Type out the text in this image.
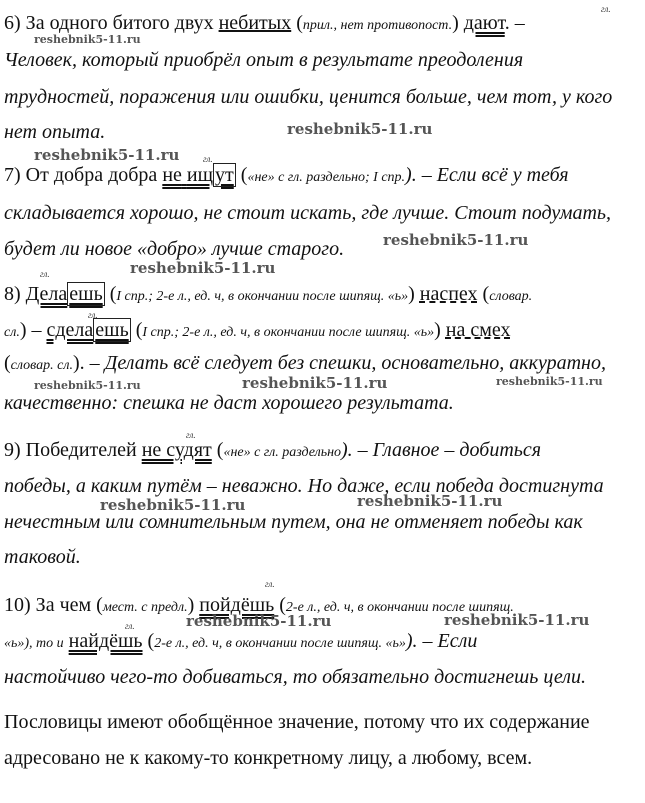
гл.
6) За одного битого двух небитых (прил., нет противопост.) дают. –
reshebnik5-11.ru
Человек, который приобрёл опыт в результате преодоления
трудностей, поражения или ошибки, ценится больше, чем тот, у кого
нет опыта.	reshebnik5-11.ru
reshebnik5-11.ru	гл.
7) От добра добра не ищ ут («не» с гл. раздельно; I спр.). – Если всё у тебя
складывается хорошо, не стоит искать, где лучше. Стоит подумать,
будет ли новое «добро» лучше старого.	reshebnik5-11.ru
гл.	reshebnik5-11.ru
8) Дела ешь (I спр.; 2-е л., ед. ч, в окончании после шипящ. «ь») наспех (словар.
гл.
сл.) – сдела ешь (I спр.; 2-е л., ед. ч, в окончании после шипящ. «ь») на смех
(словар. сл.). – Делать всё следует без спешки, основательно, аккуратно,
reshebnik5-11.ru	reshebnik5-11.ru	reshebnik5-11.ru
качественно: спешка не даст хорошего результата.
гл.
9) Победителей не судят («не» с гл. раздельно). – Главное – добиться
победы, а каким путём – неважно. Но даже, если победа достигнута
reshebnik5-11.ru	reshebnik5-11.ru
нечестным или сомнительным путем, она не отменяет победы как
таковой.
гл.
10) За чем (мест. с предл.) пойдёшь (2-е л., ед. ч, в окончании после шипящ.
reshebnik5-11.ru	reshebnik5-11.ru
гл.
«ь»), то и найдёшь (2-е л., ед. ч, в окончании после шипящ. «ь»). – Если
настойчиво чего-то добиваться, то обязательно достигнешь цели.
Пословицы имеют обобщённое значение, потому что их содержание
адресовано не к какому-то конкретному лицу, а любому, всем.
